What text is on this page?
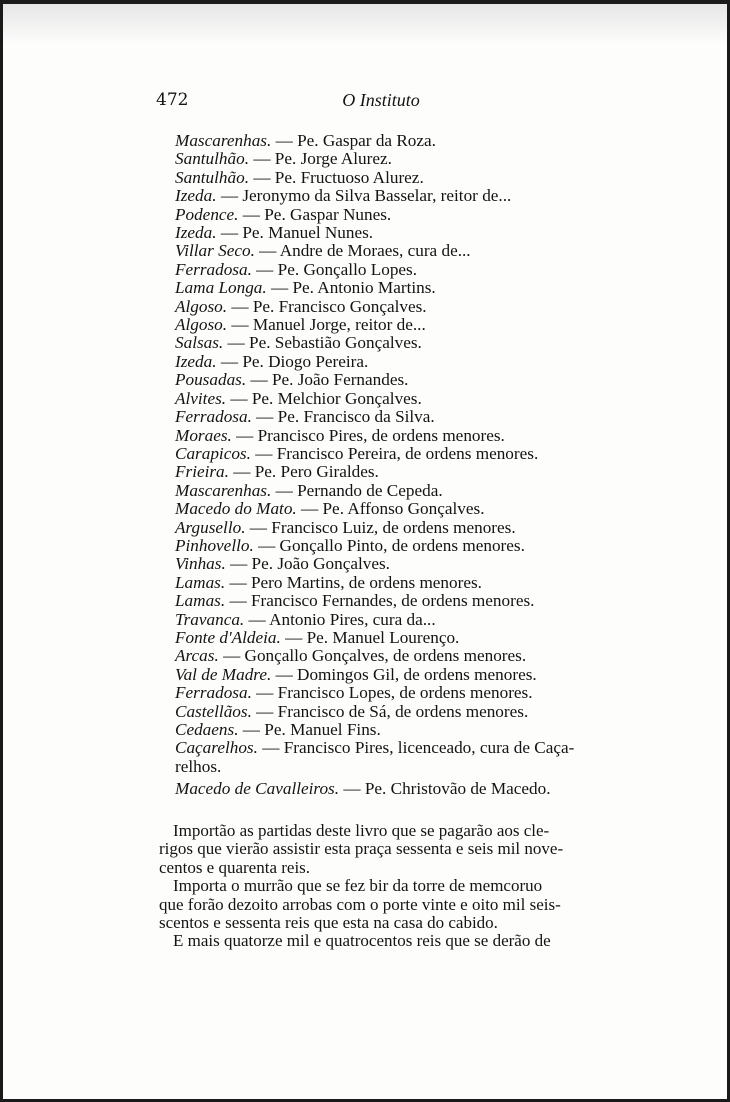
472	O Instituto
Mascarenhas. — Pe. Gaspar da Roza.
Santulhão. — Pe. Jorge Alurez.
Santulhão. — Pe. Fructuoso Alurez.
Izeda. — Jeronymo da Silva Basselar, reitor de...
Podence. — Pe. Gaspar Nunes.
Izeda. — Pe. Manuel Nunes.
Villar Seco. — Andre de Moraes, cura de...
Ferradosa. — Pe. Gonçallo Lopes.
Lama Longa. — Pe. Antonio Martins.
Algoso. — Pe. Francisco Gonçalves.
Algoso. — Manuel Jorge, reitor de...
Salsas. — Pe. Sebastião Gonçalves.
Izeda. — Pe. Diogo Pereira.
Pousadas. — Pe. João Fernandes.
Alvites. — Pe. Melchior Gonçalves.
Ferradosa. — Pe. Francisco da Silva.
Moraes. — Prancisco Pires, de ordens menores.
Carapicos. — Francisco Pereira, de ordens menores.
Frieira. — Pe. Pero Giraldes.
Mascarenhas. — Pernando de Cepeda.
Macedo do Mato. — Pe. Affonso Gonçalves.
Argusello. — Francisco Luiz, de ordens menores.
Pinhovello. — Gonçallo Pinto, de ordens menores.
Vinhas. — Pe. João Gonçalves.
Lamas. — Pero Martins, de ordens menores.
Lamas. — Francisco Fernandes, de ordens menores.
Travanca. — Antonio Pires, cura da...
Fonte d'Aldeia. — Pe. Manuel Lourenço.
Arcas. — Gonçallo Gonçalves, de ordens menores.
Val de Madre. — Domingos Gil, de ordens menores.
Ferradosa. — Francisco Lopes, de ordens menores.
Castellãos. — Francisco de Sá, de ordens menores.
Cedaens. — Pe. Manuel Fins.
Caçarelhos. — Francisco Pires, licenceado, cura de Caça-
relhos.
Macedo de Cavalleiros. — Pe. Christovão de Macedo.
Importão as partidas deste livro que se pagarão aos cle-
rigos que vierão assistir esta praça sessenta e seis mil nove-
centos e quarenta reis.
Importa o murrão que se fez bir da torre de memcoruo
que forão dezoito arrobas com o porte vinte e oito mil seis-
scentos e sessenta reis que esta na casa do cabido.
E mais quatorze mil e quatrocentos reis que se derão de
